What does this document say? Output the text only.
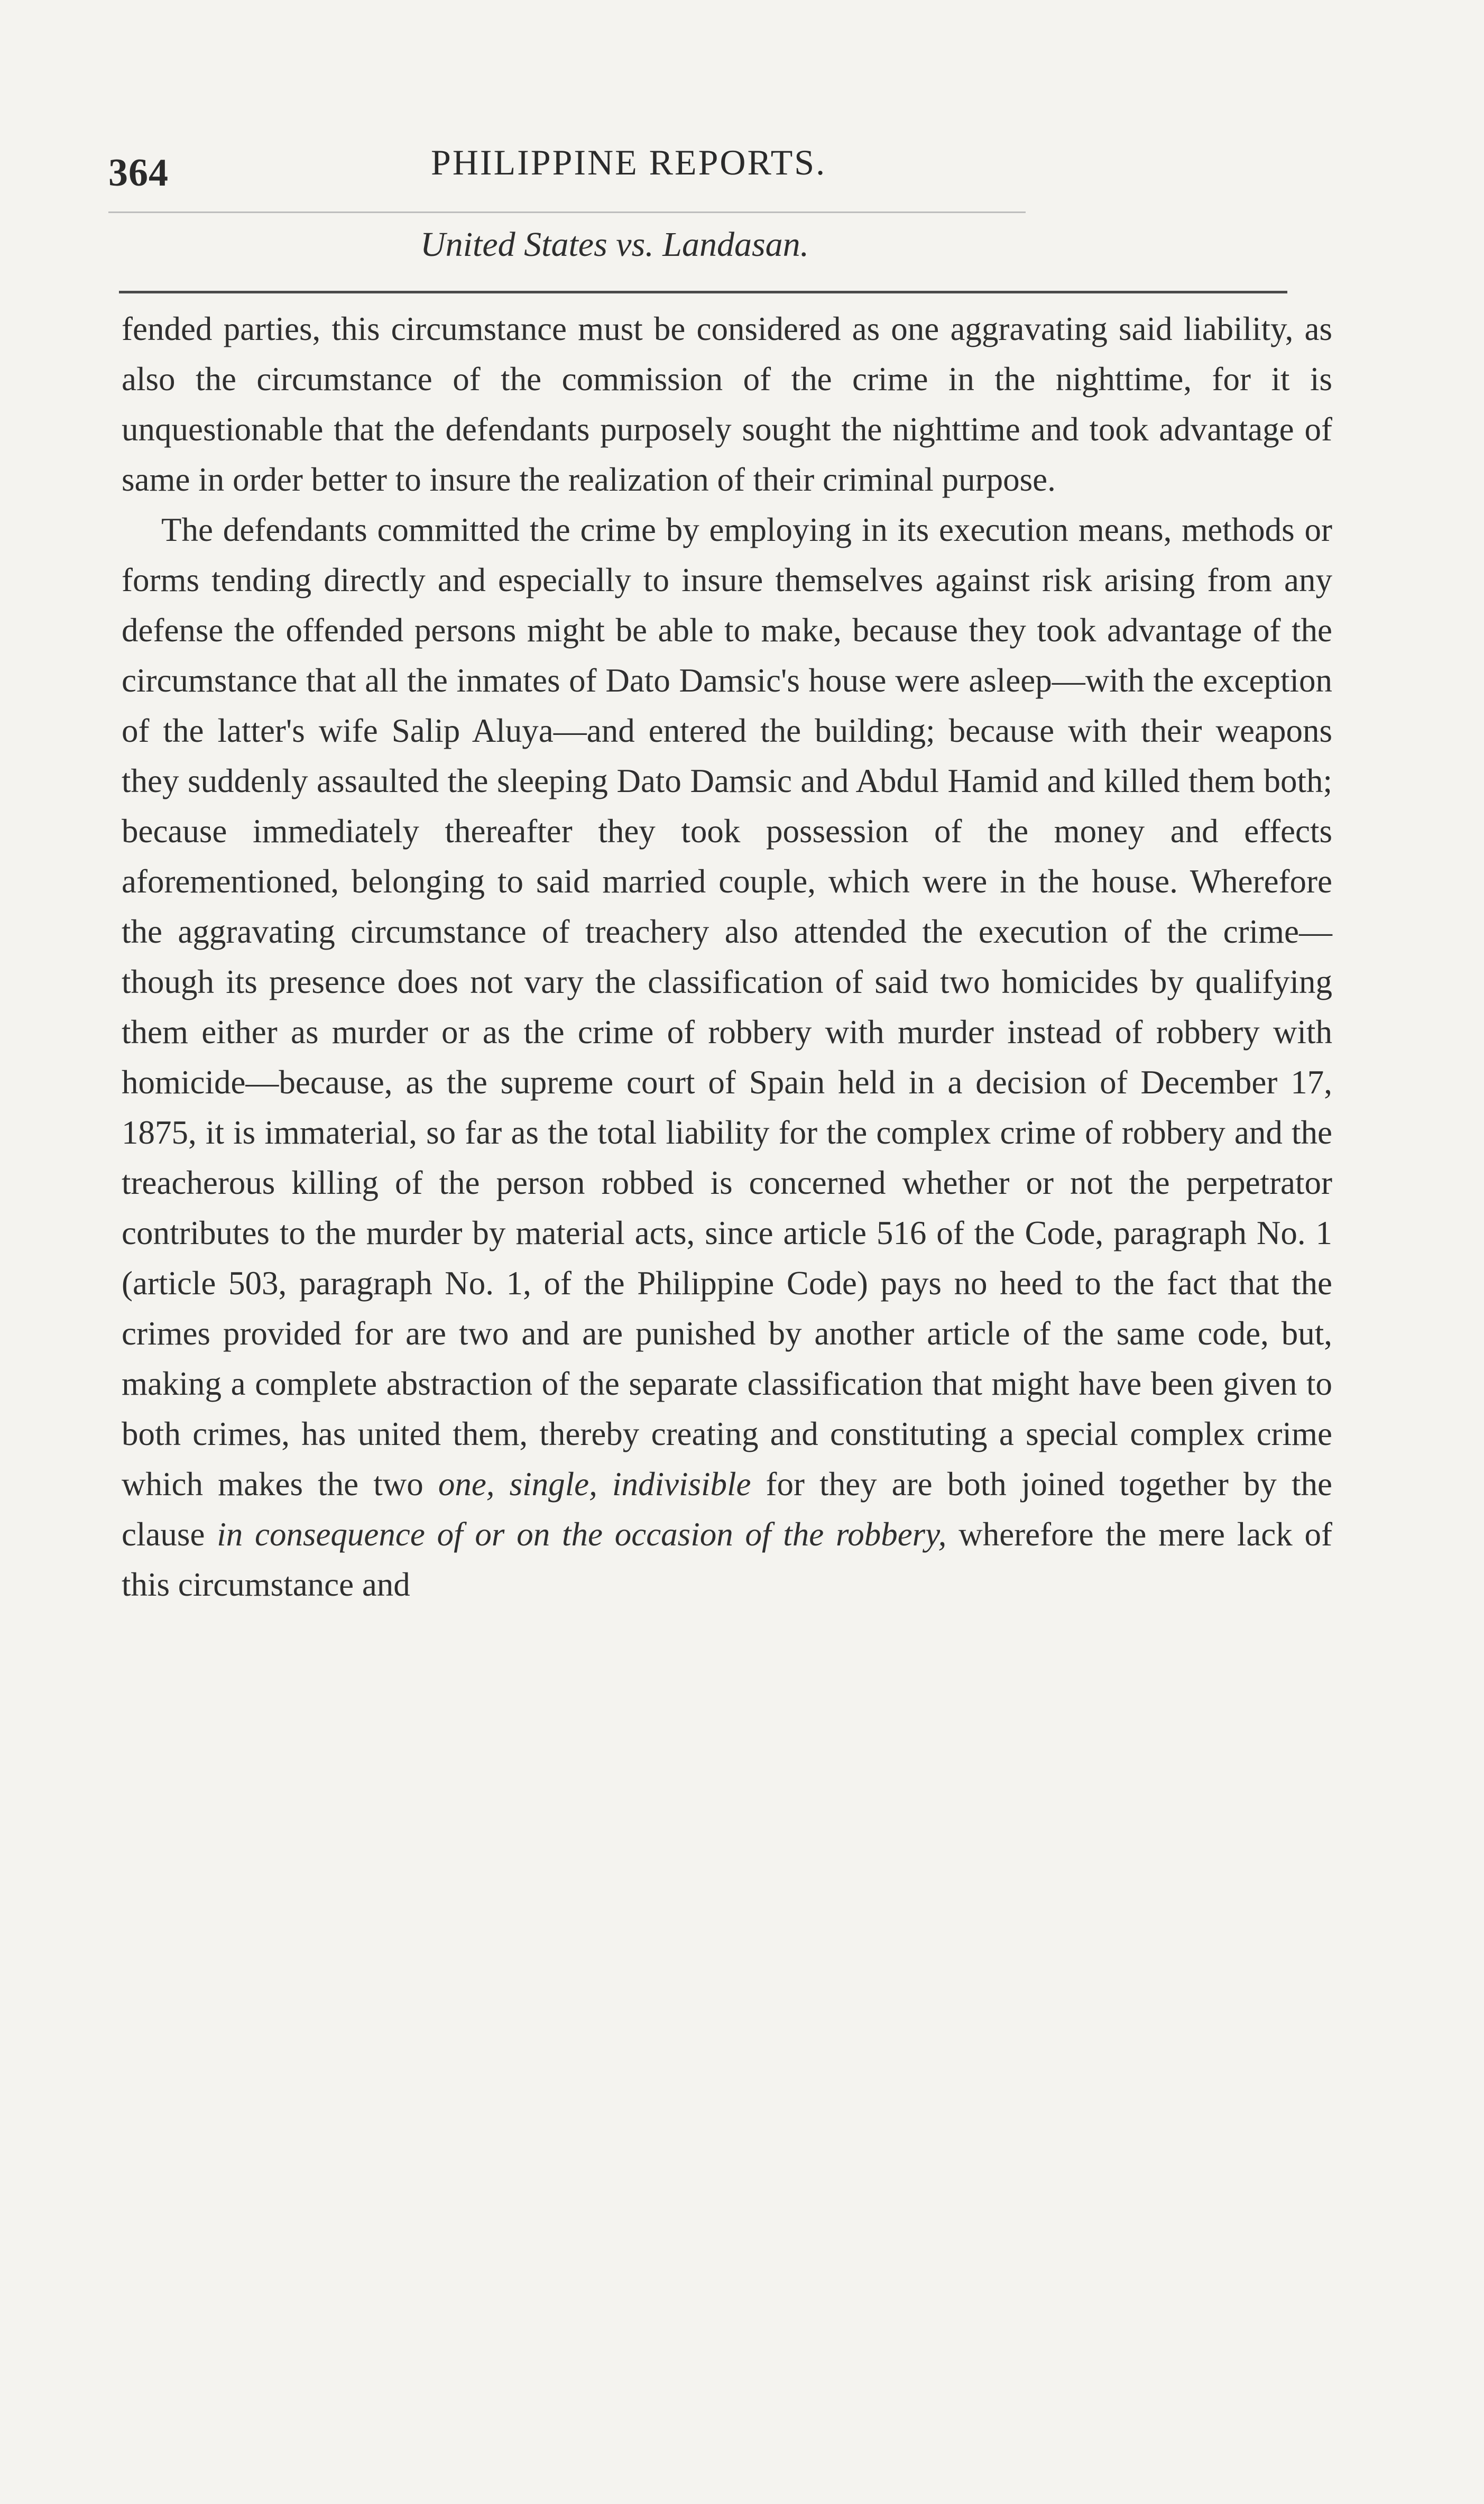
364	PHILIPPINE REPORTS.
United States vs. Landasan.

fended parties, this circumstance must be considered as one aggravating said liability, as also the circumstance of the commission of the crime in the nighttime, for it is unquestionable that the defendants purposely sought the nighttime and took advantage of same in order better to insure the realization of their criminal purpose.

The defendants committed the crime by employing in its execution means, methods or forms tending directly and especially to insure themselves against risk arising from any defense the offended persons might be able to make, because they took advantage of the circumstance that all the inmates of Dato Damsic's house were asleep—with the exception of the latter's wife Salip Aluya—and entered the building; because with their weapons they suddenly assaulted the sleeping Dato Damsic and Abdul Hamid and killed them both; because immediately thereafter they took possession of the money and effects aforementioned, belonging to said married couple, which were in the house. Wherefore the aggravating circumstance of treachery also attended the execution of the crime—though its presence does not vary the classification of said two homicides by qualifying them either as murder or as the crime of robbery with murder instead of robbery with homicide—because, as the supreme court of Spain held in a decision of December 17, 1875, it is immaterial, so far as the total liability for the complex crime of robbery and the treacherous killing of the person robbed is concerned whether or not the perpetrator contributes to the murder by material acts, since article 516 of the Code, paragraph No. 1 (article 503, paragraph No. 1, of the Philippine Code) pays no heed to the fact that the crimes provided for are two and are punished by another article of the same code, but, making a complete abstraction of the separate classification that might have been given to both crimes, has united them, thereby creating and constituting a special complex crime which makes the two one, single, indivisible for they are both joined together by the clause in consequence of or on the occasion of the robbery, wherefore the mere lack of this circumstance and
